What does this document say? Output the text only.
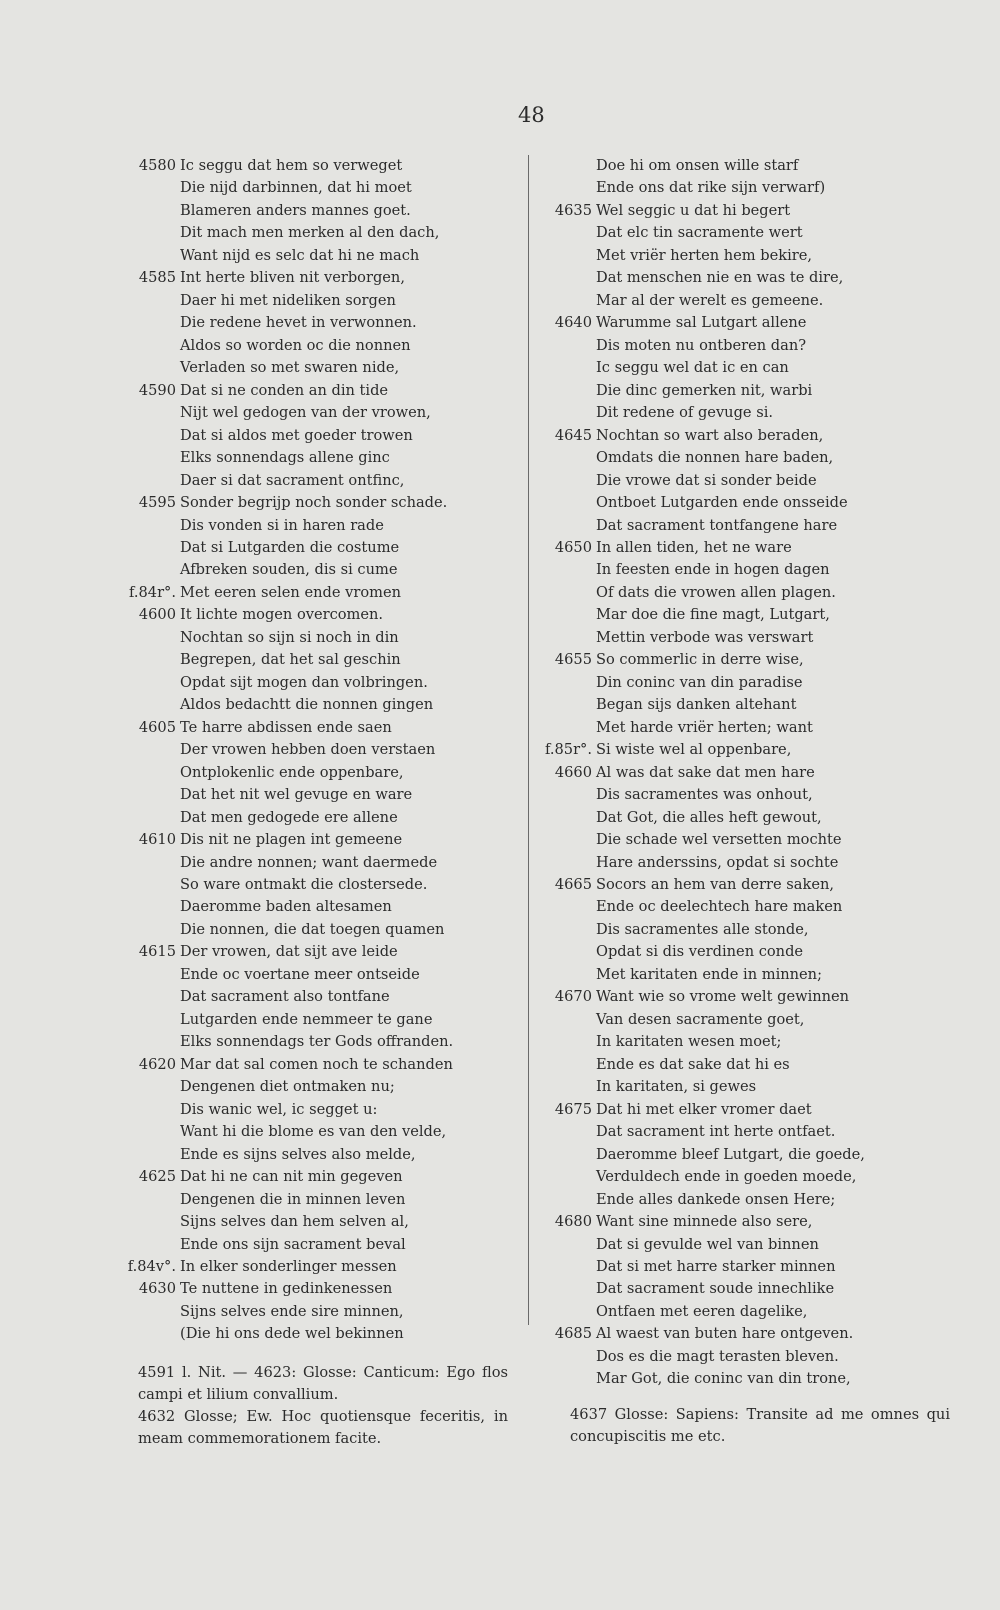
48
4580 Ic seggu dat hem so verweget
Die nijd darbinnen, dat hi moet
Blameren anders mannes goet.
Dit mach men merken al den dach,
Want nijd es selc dat hi ne mach
4585 Int herte bliven nit verborgen,
Daer hi met nideliken sorgen
Die redene hevet in verwonnen.
Aldos so worden oc die nonnen
Verladen so met swaren nide,
4590 Dat si ne conden an din tide
Nijt wel gedogen van der vrowen,
Dat si aldos met goeder trowen
Elks sonnendags allene ginc
Daer si dat sacrament ontfinc,
4595 Sonder begrijp noch sonder schade.
Dis vonden si in haren rade
Dat si Lutgarden die costume
Afbreken souden, dis si cume
f.84r°. Met eeren selen ende vromen
4600 It lichte mogen overcomen.
Nochtan so sijn si noch in din
Begrepen, dat het sal geschin
Opdat sijt mogen dan volbringen.
Aldos bedachtt die nonnen gingen
4605 Te harre abdissen ende saen
Der vrowen hebben doen verstaen
Ontplokenlic ende oppenbare,
Dat het nit wel gevuge en ware
Dat men gedogede ere allene
4610 Dis nit ne plagen int gemeene
Die andre nonnen; want daermede
So ware ontmakt die clostersede.
Daeromme baden altesamen
Die nonnen, die dat toegen quamen
4615 Der vrowen, dat sijt ave leide
Ende oc voertane meer ontseide
Dat sacrament also tontfane
Lutgarden ende nemmeer te gane
Elks sonnendags ter Gods offranden.
4620 Mar dat sal comen noch te schanden
Dengenen diet ontmaken nu;
Dis wanic wel, ic segget u:
Want hi die blome es van den velde,
Ende es sijns selves also melde,
4625 Dat hi ne can nit min gegeven
Dengenen die in minnen leven
Sijns selves dan hem selven al,
Ende ons sijn sacrament beval
f.84v°. In elker sonderlinger messen
4630 Te nuttene in gedinkenessen
Sijns selves ende sire minnen,
(Die hi ons dede wel bekinnen
Doe hi om onsen wille starf
Ende ons dat rike sijn verwarf)
4635 Wel seggic u dat hi begert
Dat elc tin sacramente wert
Met vriër herten hem bekire,
Dat menschen nie en was te dire,
Mar al der werelt es gemeene.
4640 Warumme sal Lutgart allene
Dis moten nu ontberen dan?
Ic seggu wel dat ic en can
Die dinc gemerken nit, warbi
Dit redene of gevuge si.
4645 Nochtan so wart also beraden,
Omdats die nonnen hare baden,
Die vrowe dat si sonder beide
Ontboet Lutgarden ende onsseide
Dat sacrament tontfangene hare
4650 In allen tiden, het ne ware
In feesten ende in hogen dagen
Of dats die vrowen allen plagen.
Mar doe die fine magt, Lutgart,
Mettin verbode was verswart
4655 So commerlic in derre wise,
Din coninc van din paradise
Began sijs danken altehant
Met harde vriër herten; want
f.85r°. Si wiste wel al oppenbare,
4660 Al was dat sake dat men hare
Dis sacramentes was onhout,
Dat Got, die alles heft gewout,
Die schade wel versetten mochte
Hare anderssins, opdat si sochte
4665 Socors an hem van derre saken,
Ende oc deelechtech hare maken
Dis sacramentes alle stonde,
Opdat si dis verdinen conde
Met karitaten ende in minnen;
4670 Want wie so vrome welt gewinnen
Van desen sacramente goet,
In karitaten wesen moet;
Ende es dat sake dat hi es
In karitaten, si gewes
4675 Dat hi met elker vromer daet
Dat sacrament int herte ontfaet.
Daeromme bleef Lutgart, die goede,
Verduldech ende in goeden moede,
Ende alles dankede onsen Here;
4680 Want sine minnede also sere,
Dat si gevulde wel van binnen
Dat si met harre starker minnen
Dat sacrament soude innechlike
Ontfaen met eeren dagelike,
4685 Al waest van buten hare ontgeven.
Dos es die magt terasten bleven.
Mar Got, die coninc van din trone,
4591 l. Nit. — 4623: Glosse: Canticum: Ego flos campi et lilium convallium.
4632 Glosse; Ew. Hoc quotiensque feceritis, in meam commemorationem facite.
4637 Glosse: Sapiens: Transite ad me omnes qui concupiscitis me etc.
